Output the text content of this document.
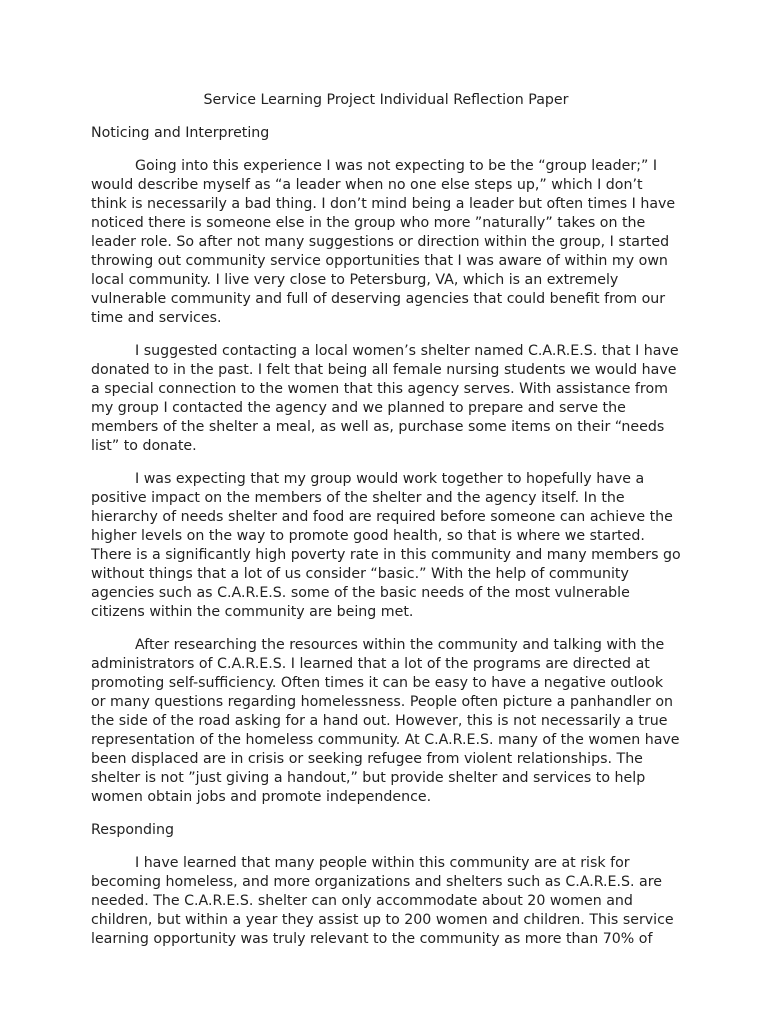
Service Learning Project Individual Reflection Paper
Noticing and Interpreting

Going into this experience I was not expecting to be the “group leader;” I would describe myself as “a leader when no one else steps up,” which I don’t think is necessarily a bad thing. I don’t mind being a leader but often times I have noticed there is someone else in the group who more ”naturally” takes on the leader role. So after not many suggestions or direction within the group, I started throwing out community service opportunities that I was aware of within my own local community. I live very close to Petersburg, VA, which is an extremely vulnerable community and full of deserving agencies that could benefit from our time and services.

I suggested contacting a local women’s shelter named C.A.R.E.S. that I have donated to in the past. I felt that being all female nursing students we would have a special connection to the women that this agency serves. With assistance from my group I contacted the agency and we planned to prepare and serve the members of the shelter a meal, as well as, purchase some items on their “needs list” to donate.

I was expecting that my group would work together to hopefully have a positive impact on the members of the shelter and the agency itself. In the hierarchy of needs shelter and food are required before someone can achieve the higher levels on the way to promote good health, so that is where we started. There is a significantly high poverty rate in this community and many members go without things that a lot of us consider “basic.” With the help of community agencies such as C.A.R.E.S. some of the basic needs of the most vulnerable citizens within the community are being met.

After researching the resources within the community and talking with the administrators of C.A.R.E.S. I learned that a lot of the programs are directed at promoting self-sufficiency. Often times it can be easy to have a negative outlook or many questions regarding homelessness. People often picture a panhandler on the side of the road asking for a hand out. However, this is not necessarily a true representation of the homeless community. At C.A.R.E.S. many of the women have been displaced are in crisis or seeking refugee from violent relationships. The shelter is not ”just giving a handout,” but provide shelter and services to help women obtain jobs and promote independence.

Responding

I have learned that many people within this community are at risk for becoming homeless, and more organizations and shelters such as C.A.R.E.S. are needed. The C.A.R.E.S. shelter can only accommodate about 20 women and children, but within a year they assist up to 200 women and children. This service learning opportunity was truly relevant to the community as more than 70% of
